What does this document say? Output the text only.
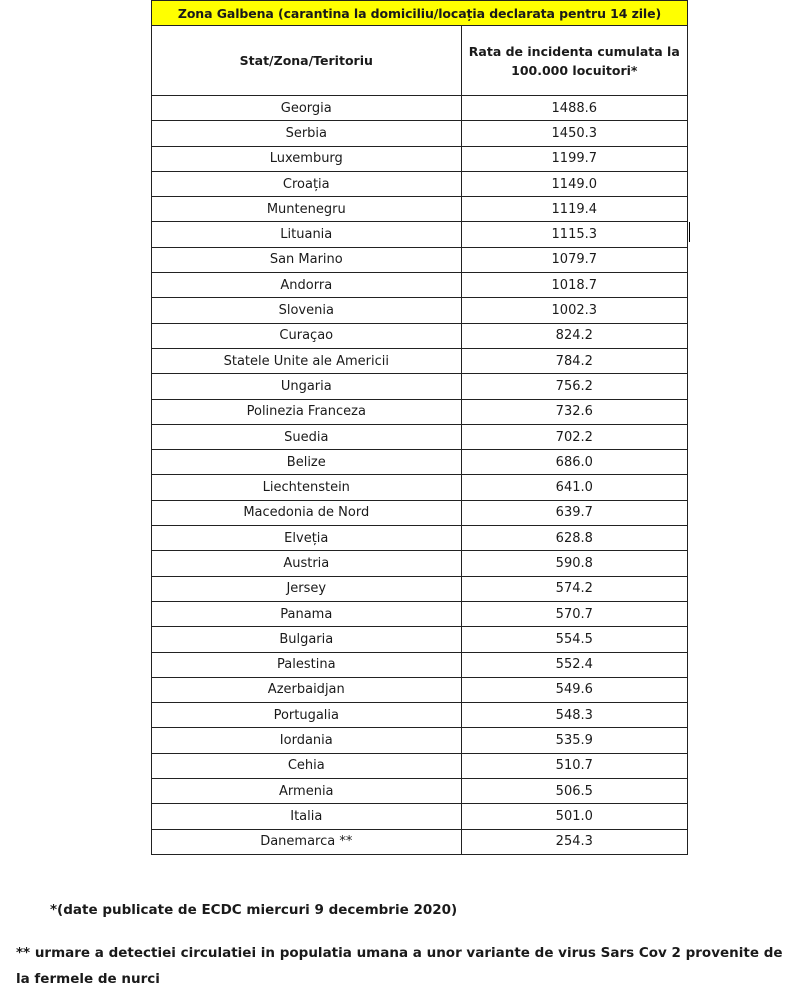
Zona Galbena (carantina la domiciliu/locația declarata pentru 14 zile)	
Stat/Zona/Teritoriu	Rata de incidenta cumulata la
100.000 locuitori*
Georgia	1488.6
Serbia	1450.3
Luxemburg	1199.7
Croația	1149.0
Muntenegru	1119.4
Lituania	1115.3
San Marino	1079.7
Andorra	1018.7
Slovenia	1002.3
Curaçao	824.2
Statele Unite ale Americii	784.2
Ungaria	756.2
Polinezia Franceza	732.6
Suedia	702.2
Belize	686.0
Liechtenstein	641.0
Macedonia de Nord	639.7
Elveția	628.8
Austria	590.8
Jersey	574.2
Panama	570.7
Bulgaria	554.5
Palestina	552.4
Azerbaidjan	549.6
Portugalia	548.3
Iordania	535.9
Cehia	510.7
Armenia	506.5
Italia	501.0
Danemarca **	254.3
*(date publicate de ECDC miercuri 9 decembrie 2020)
** urmare a detectiei circulatiei in populatia umana a unor variante de virus Sars Cov 2 provenite de la fermele de nurci
